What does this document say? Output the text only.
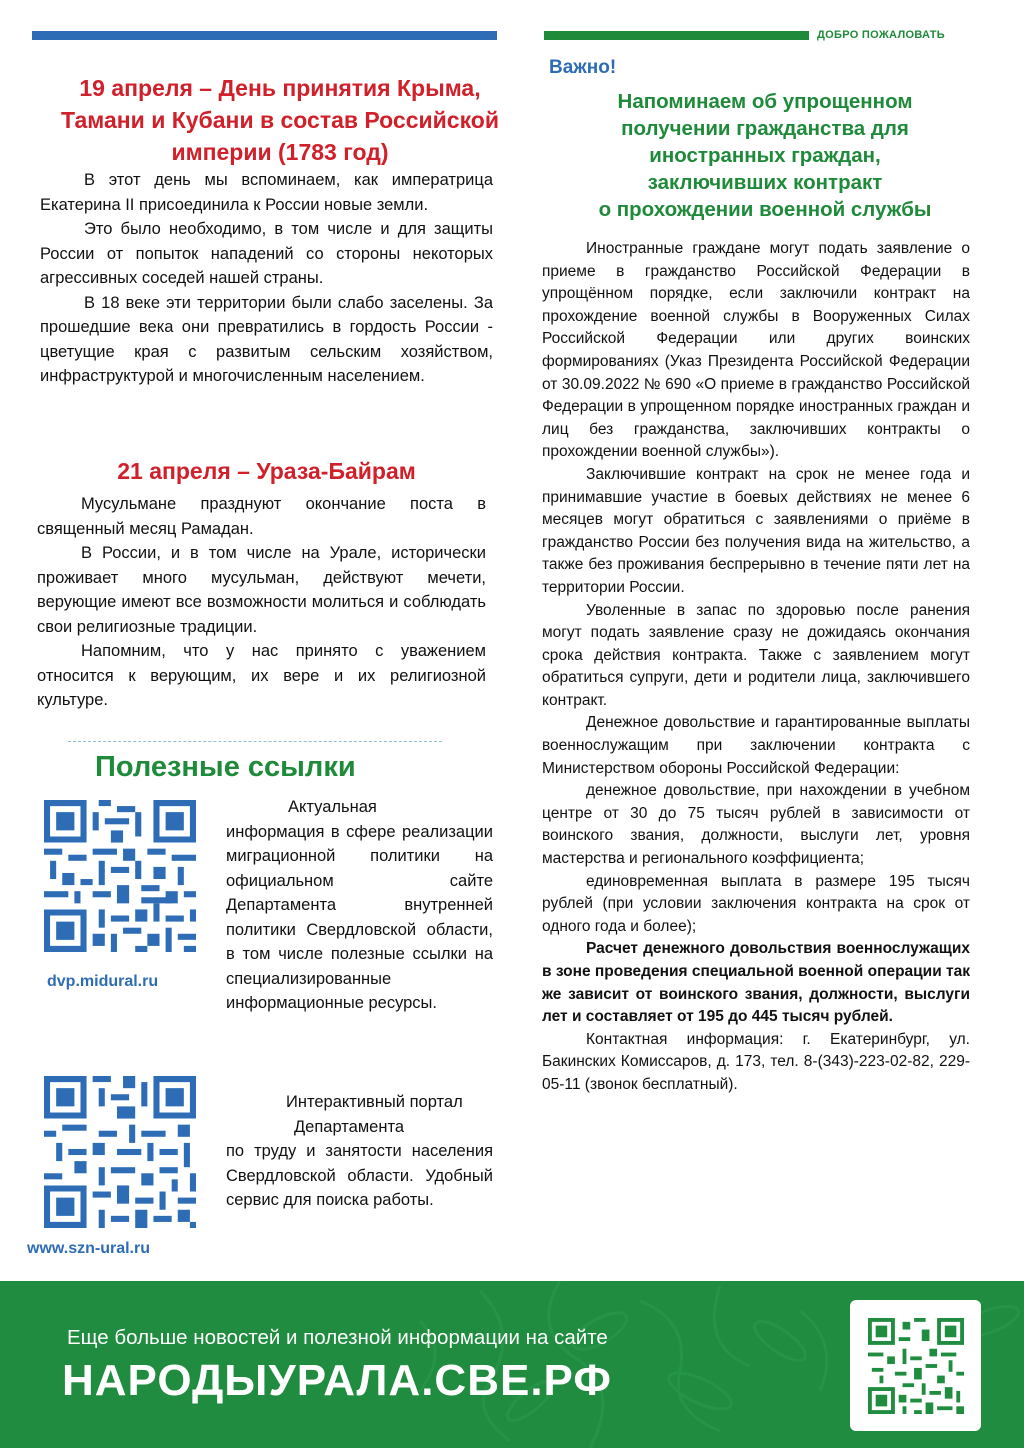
ДОБРО ПОЖАЛОВАТЬ
19 апреля – День принятия Крыма, Тамани и Кубани в состав Российской империи (1783 год)

В этот день мы вспоминаем, как императрица Екатерина II присоединила к России новые земли.

Это было необходимо, в том числе и для защиты России от попыток нападений со стороны некоторых агрессивных соседей нашей страны.

В 18 веке эти территории были слабо заселены. За прошедшие века они превратились в гордость России - цветущие края с развитым сельским хозяйством, инфраструктурой и многочисленным населением.

21 апреля – Ураза-Байрам

Мусульмане празднуют окончание поста в священный месяц Рамадан.

В России, и в том числе на Урале, исторически проживает много мусульман, действуют мечети, верующие имеют все возможности молиться и соблюдать свои религиозные традиции.

Напомним, что у нас принято с уважением относится к верующим, их вере и их религиозной культуре.

Полезные ссылки
dvp.midural.ru

Актуальная

информация в сфере реализации миграционной политики на официальном сайте Департамента внутренней политики Свердловской области, в том числе полезные ссылки на специализированные информационные ресурсы.

www.szn-ural.ru

Интерактивный портал

Департамента

по труду и занятости населения Свердловской области. Удобный сервис для поиска работы.

Важно!
Напоминаем об упрощенном
получении гражданства для
иностранных граждан,
заключивших контракт
о прохождении военной службы

Иностранные граждане могут подать заявление о приеме в гражданство Российской Федерации в упрощённом порядке, если заключили контракт на прохождение военной службы в Вооруженных Силах Российской Федерации или других воинских формированиях (Указ Президента Российской Федерации от 30.09.2022 № 690 «О приеме в гражданство Российской Федерации в упрощенном порядке иностранных граждан и лиц без гражданства, заключивших контракты о прохождении военной службы»).

Заключившие контракт на срок не менее года и принимавшие участие в боевых действиях не менее 6 месяцев могут обратиться с заявлениями о приёме в гражданство России без получения вида на жительство, а также без проживания беспрерывно в течение пяти лет на территории России.

Уволенные в запас по здоровью после ранения могут подать заявление сразу не дожидаясь окончания срока действия контракта. Также с заявлением могут обратиться супруги, дети и родители лица, заключившего контракт.

Денежное довольствие и гарантированные выплаты военнослужащим при заключении контракта с Министерством обороны Российской Федерации:

денежное довольствие, при нахождении в учебном центре от 30 до 75 тысяч рублей в зависимости от воинского звания, должности, выслуги лет, уровня мастерства и регионального коэффициента;

единовременная выплата в размере 195 тысяч рублей (при условии заключения контракта на срок от одного года и более);

Расчет денежного довольствия военнослужащих в зоне проведения специальной военной операции так же зависит от воинского звания, должности, выслуги лет и составляет от 195 до 445 тысяч рублей.

Контактная информация: г. Екатеринбург, ул. Бакинских Комиссаров, д. 173, тел. 8-(343)-223-02-82, 229-05-11 (звонок бесплатный).

Еще больше новостей и полезной информации на сайте
НАРОДЫУРАЛА.СВЕ.РФ
